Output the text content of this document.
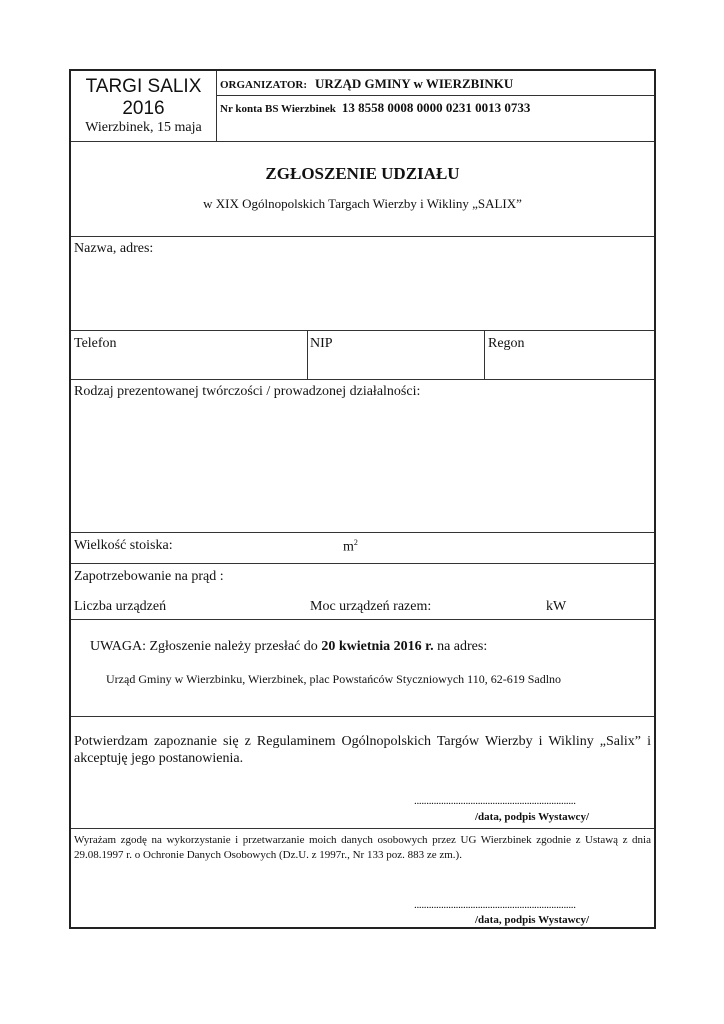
TARGI SALIX
2016
Wierzbinek, 15 maja
ORGANIZATOR: URZĄD GMINY w WIERZBINKU
Nr konta BS Wierzbinek 13 8558 0008 0000 0231 0013 0733
ZGŁOSZENIE UDZIAŁU
w XIX Ogólnopolskich Targach Wierzby i Wikliny „SALIX”
Nazwa, adres:
Telefon	NIP	Regon
Rodzaj prezentowanej twórczości / prowadzonej działalności:
Wielkość stoiska:	$m^2$
Zapotrzebowanie na prąd :
Liczba urządzeń	Moc urządzeń razem:	kW
UWAGA: Zgłoszenie należy przesłać do 20 kwietnia 2016 r. na adres:
Urząd Gminy w Wierzbinku, Wierzbinek, plac Powstańców Styczniowych 110, 62-619 Sadlno
Potwierdzam zapoznanie się z Regulaminem Ogólnopolskich Targów Wierzby i Wikliny „Salix” i akceptuję jego postanowienia.
..................................................................
/data, podpis Wystawcy/
Wyrażam zgodę na wykorzystanie i przetwarzanie moich danych osobowych przez UG Wierzbinek zgodnie z Ustawą z dnia 29.08.1997 r. o Ochronie Danych Osobowych (Dz.U. z 1997r., Nr 133 poz. 883 ze zm.).
..................................................................
/data, podpis Wystawcy/
